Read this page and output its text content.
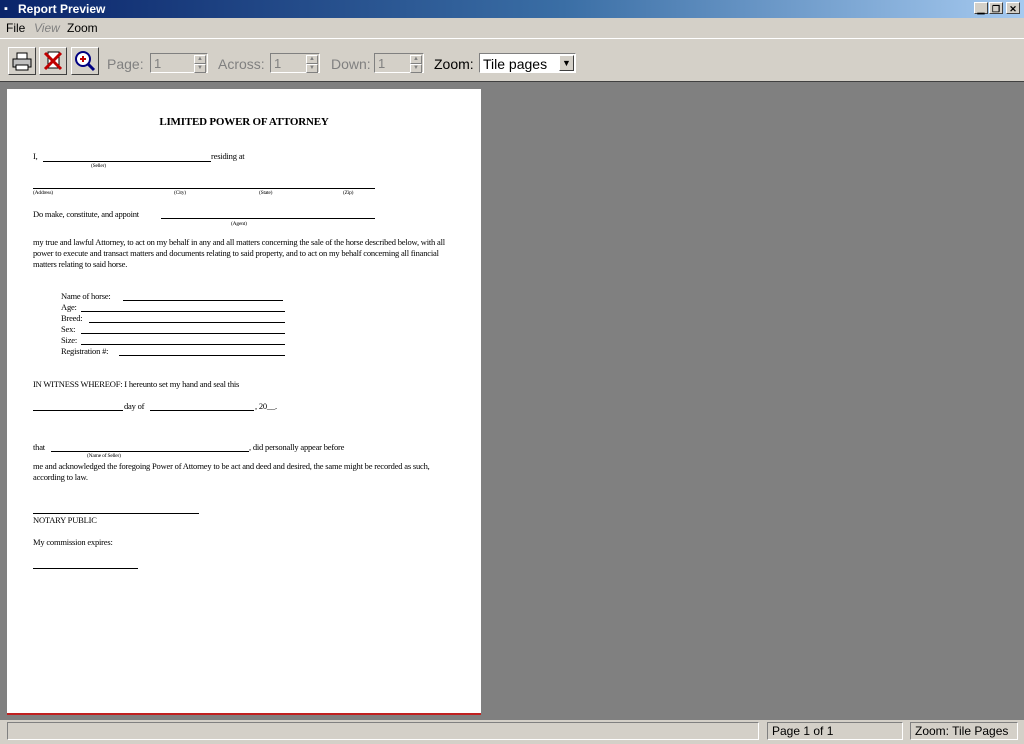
▪ Report Preview	▁ ❐	✕
File View Zoom
Page: 1	▲
▼ Across: 1	▲
▼ Down: 1	▲
▼ Zoom: Tile pages	▼
LIMITED POWER OF ATTORNEY
I,	residing at
(Seller)
(Address)	(City)	(State)	(Zip)
Do make, constitute, and appoint
(Agent)
my true and lawful Attorney, to act on my behalf in any and all matters concerning the sale of the horse described below, with all power to execute and transact matters and documents relating to said property, and to act on my behalf concerning all financial matters relating to said horse.
Name of horse:
Age:
Breed:
Sex:
Size:
Registration #:
IN WITNESS WHEREOF: I hereunto set my hand and seal this
day of	, 20__.
that	, did personally appear before
(Name of Seller)
me and acknowledged the foregoing Power of Attorney to be act and deed and desired, the same might be recorded as such, according to law.
NOTARY PUBLIC
My commission expires:
Page 1 of 1	Zoom: Tile Pages
